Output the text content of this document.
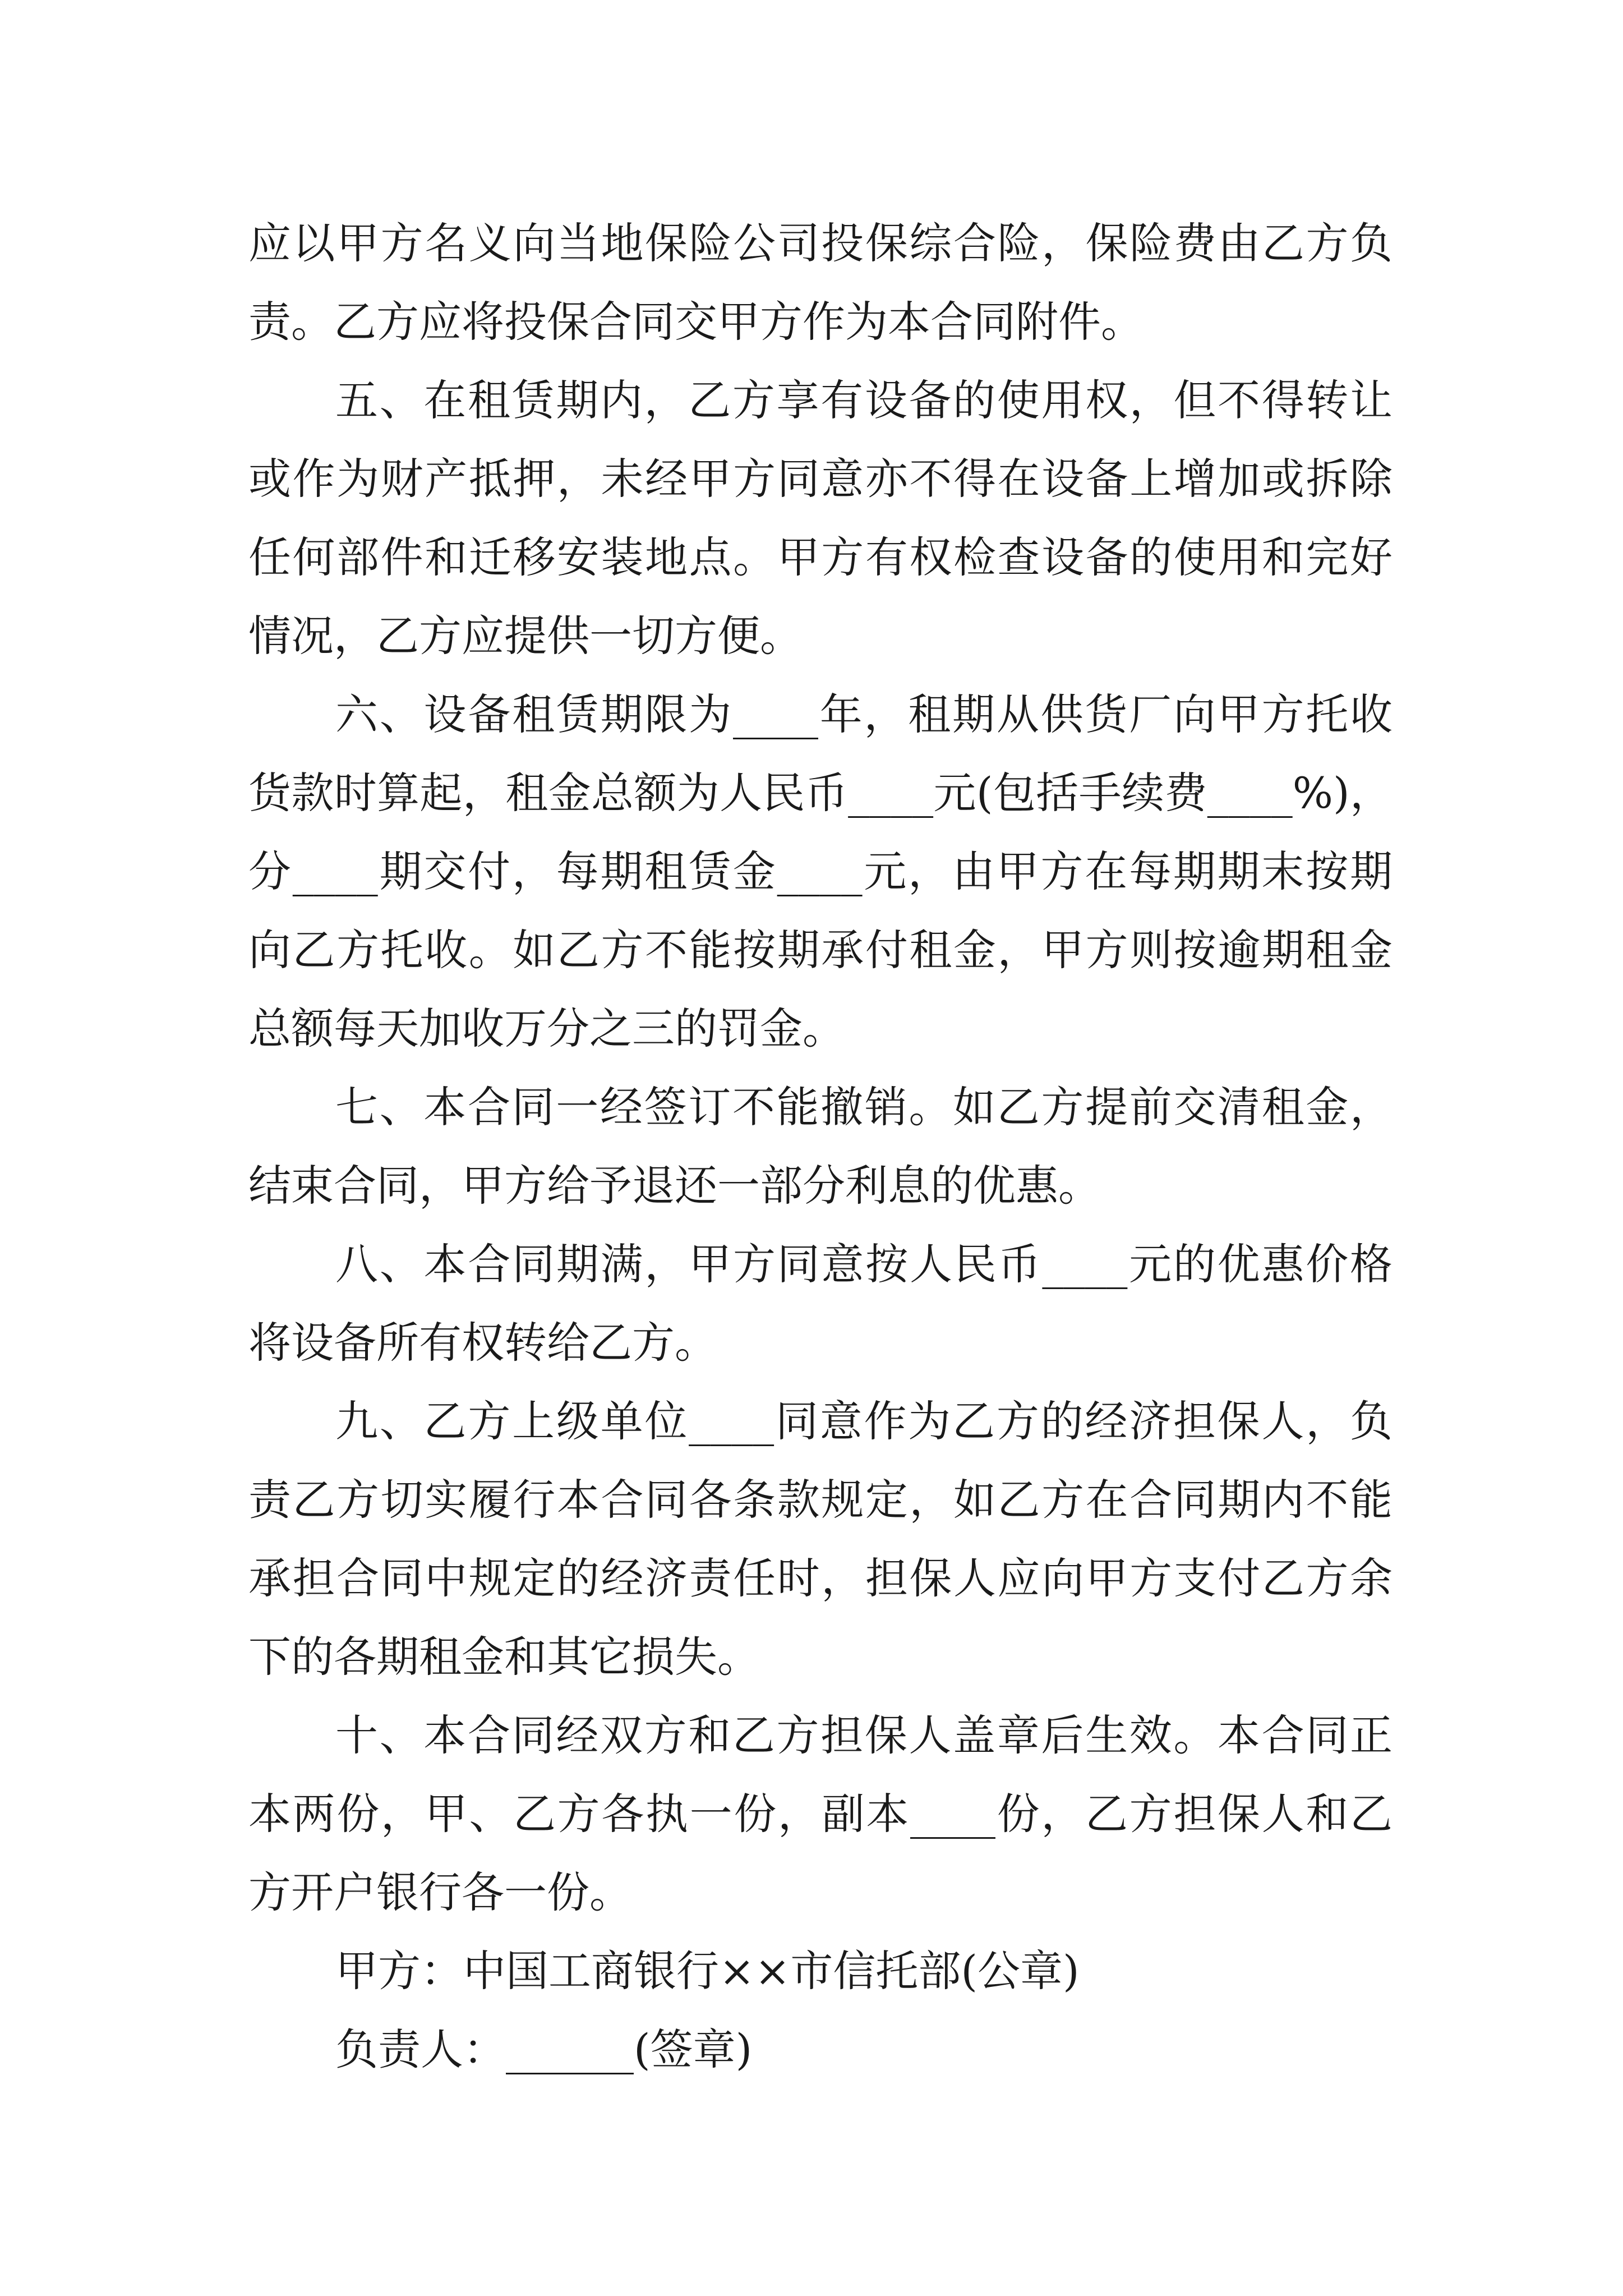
应以甲方名义向当地保险公司投保综合险，保险费由乙方负
责。乙方应将投保合同交甲方作为本合同附件。
五、在租赁期内，乙方享有设备的使用权，但不得转让
或作为财产抵押，未经甲方同意亦不得在设备上增加或拆除
任何部件和迁移安装地点。甲方有权检查设备的使用和完好
情况，乙方应提供一切方便。
六、设备租赁期限为____年，租期从供货厂向甲方托收
货款时算起，租金总额为人民币____元(包括手续费____%)，
分____期交付，每期租赁金____元，由甲方在每期期末按期
向乙方托收。如乙方不能按期承付租金，甲方则按逾期租金
总额每天加收万分之三的罚金。
七、本合同一经签订不能撤销。如乙方提前交清租金，
结束合同，甲方给予退还一部分利息的优惠。
八、本合同期满，甲方同意按人民币____元的优惠价格
将设备所有权转给乙方。
九、乙方上级单位____同意作为乙方的经济担保人，负
责乙方切实履行本合同各条款规定，如乙方在合同期内不能
承担合同中规定的经济责任时，担保人应向甲方支付乙方余
下的各期租金和其它损失。
十、本合同经双方和乙方担保人盖章后生效。本合同正
本两份，甲、乙方各执一份，副本____份，乙方担保人和乙
方开户银行各一份。
甲方：中国工商银行××市信托部(公章)
负责人：______(签章)
